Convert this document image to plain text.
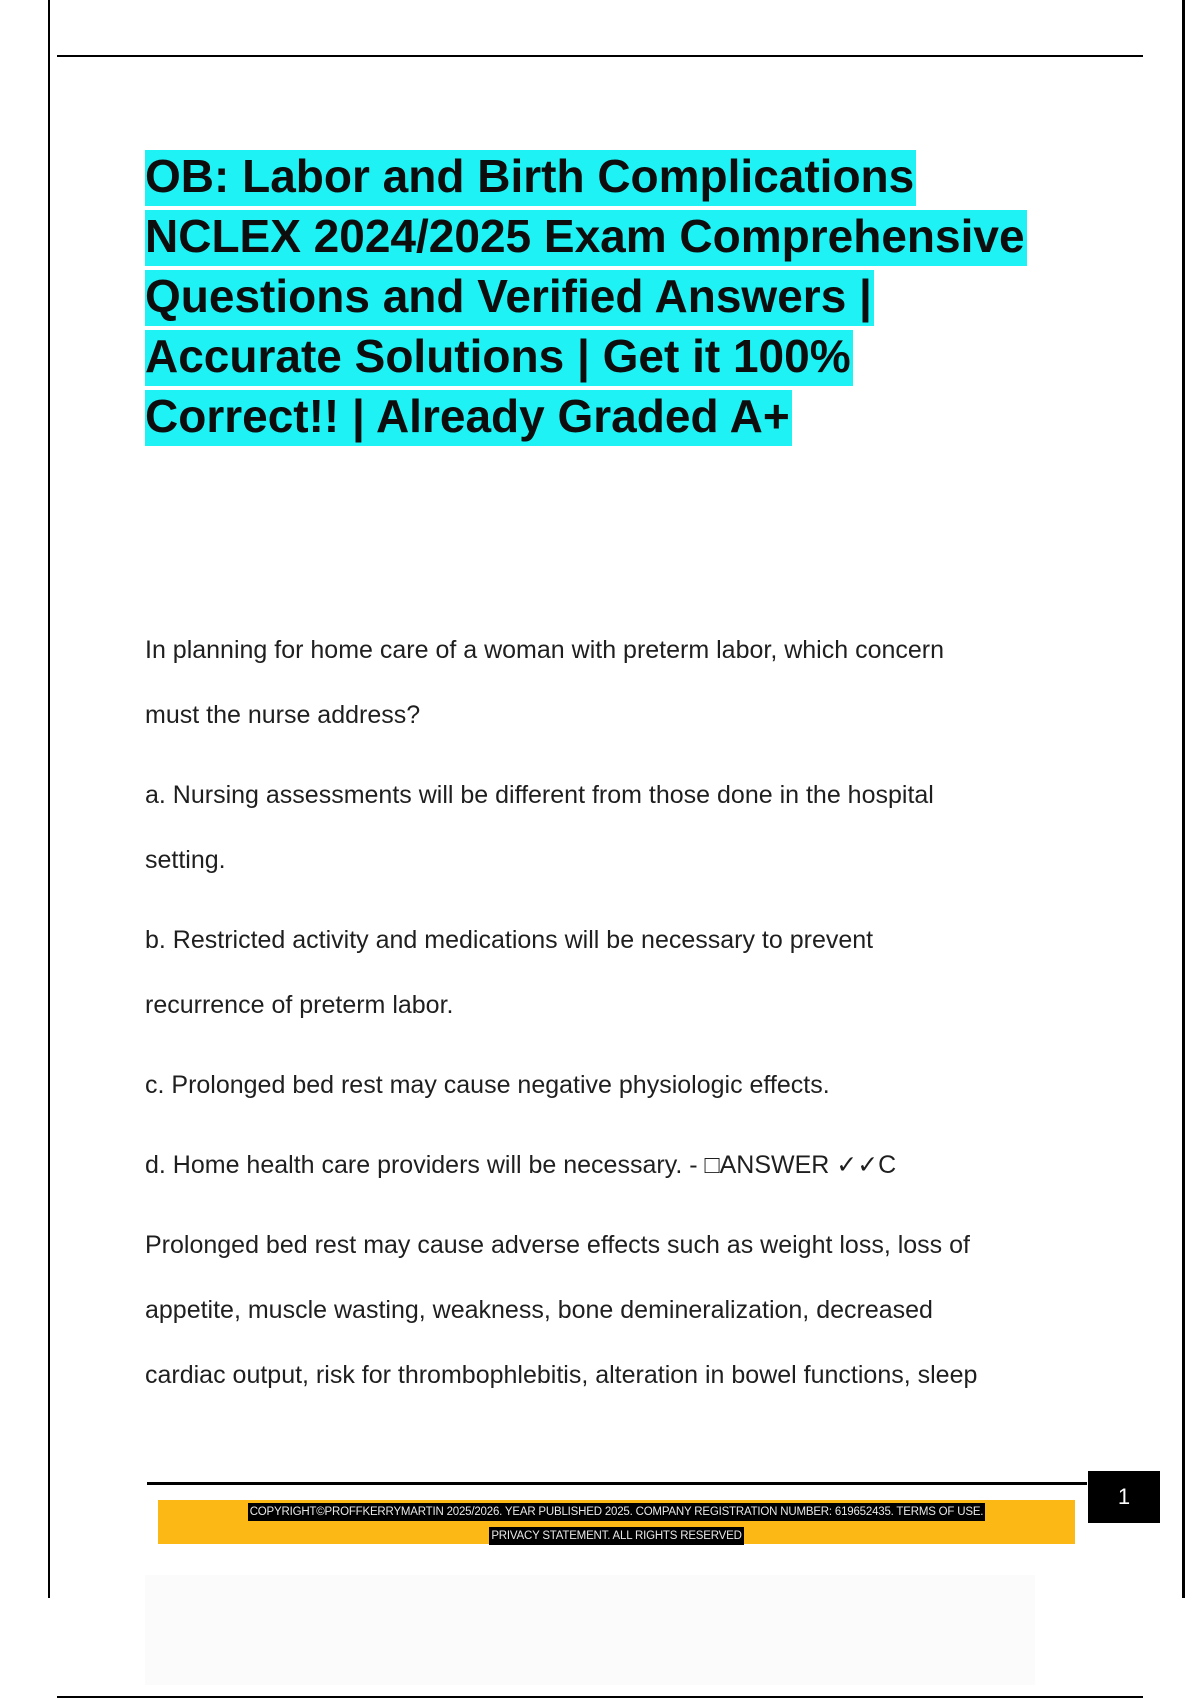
OB: Labor and Birth Complications
NCLEX 2024/2025 Exam Comprehensive
Questions and Verified Answers |
Accurate Solutions | Get it 100%
Correct!! | Already Graded A+

In planning for home care of a woman with preterm labor, which concern

must the nurse address?

a. Nursing assessments will be different from those done in the hospital

setting.

b. Restricted activity and medications will be necessary to prevent

recurrence of preterm labor.

c. Prolonged bed rest may cause negative physiologic effects.

d. Home health care providers will be necessary. - □ANSWER ✓✓C

Prolonged bed rest may cause adverse effects such as weight loss, loss of

appetite, muscle wasting, weakness, bone demineralization, decreased

cardiac output, risk for thrombophlebitis, alteration in bowel functions, sleep

1
COPYRIGHT©PROFFKERRYMARTIN 2025/2026. YEAR PUBLISHED 2025. COMPANY REGISTRATION NUMBER: 619652435. TERMS OF USE.
PRIVACY STATEMENT. ALL RIGHTS RESERVED
